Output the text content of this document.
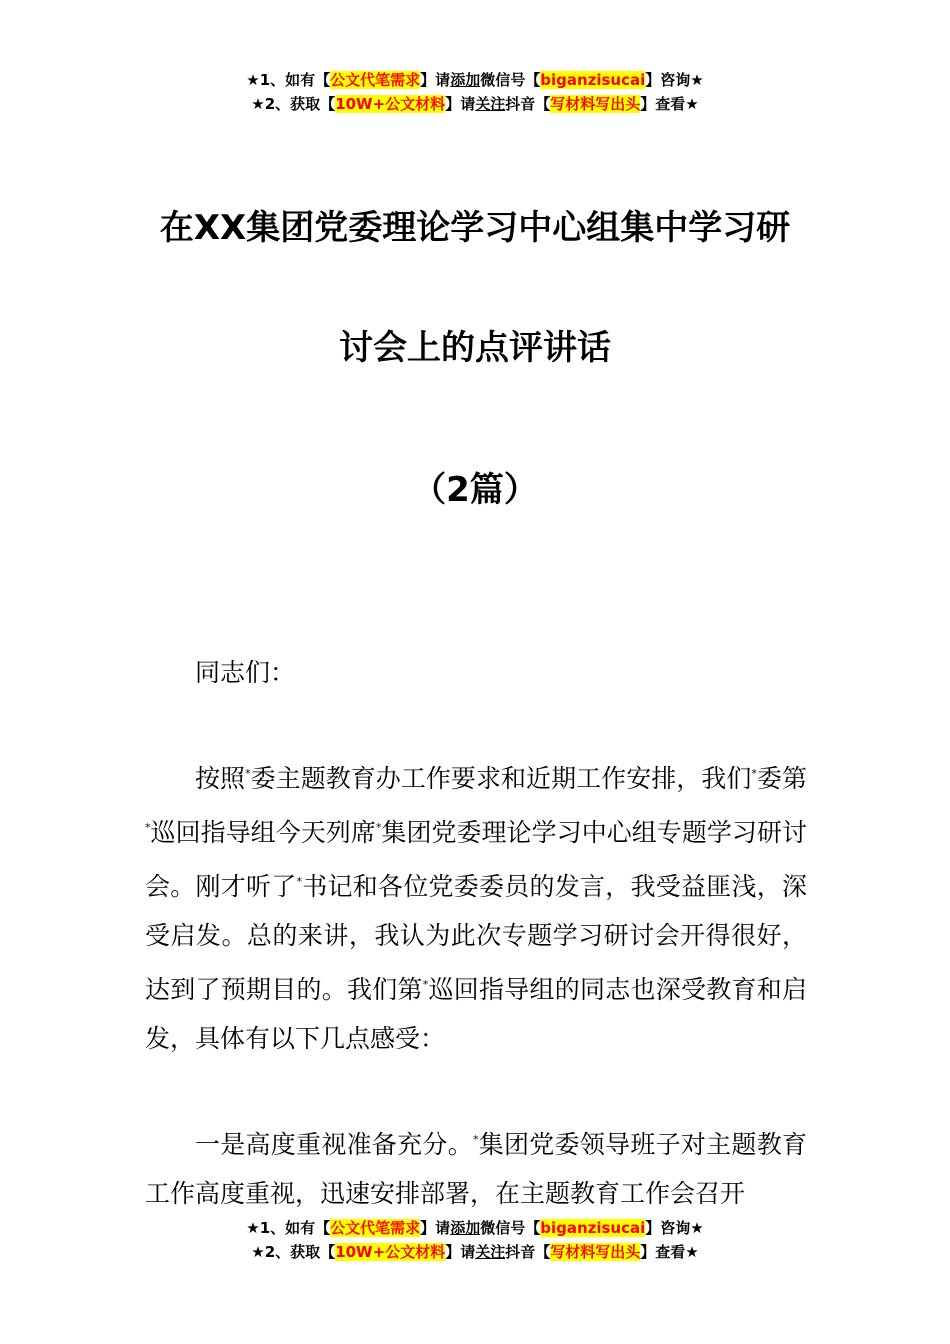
★1、如有【公文代笔需求】请添加微信号【biganzisucai】咨询★
★2、获取【10W+公文材料】请关注抖音【写材料写出头】查看★
在XX集团党委理论学习中心组集中学习研
讨会上的点评讲话
（2篇）

同志们：

按照*委主题教育办工作要求和近期工作安排，我们*委第*巡回指导组今天列席*集团党委理论学习中心组专题学习研讨会。刚才听了*书记和各位党委委员的发言，我受益匪浅，深受启发。总的来讲，我认为此次专题学习研讨会开得很好，达到了预期目的。我们第*巡回指导组的同志也深受教育和启发，具体有以下几点感受：

一是高度重视准备充分。*集团党委领导班子对主题教育工作高度重视，迅速安排部署，在主题教育工作会召开

★1、如有【公文代笔需求】请添加微信号【biganzisucai】咨询★
★2、获取【10W+公文材料】请关注抖音【写材料写出头】查看★
